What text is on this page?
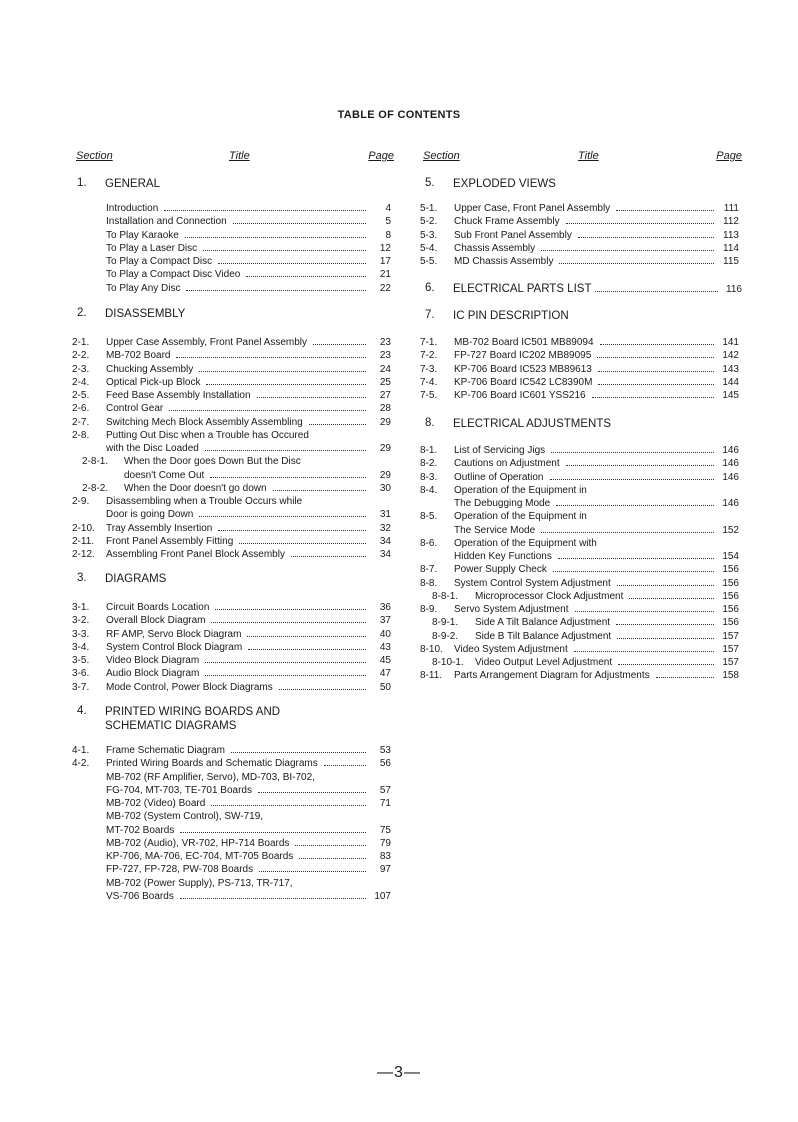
TABLE OF CONTENTS
Section	Title	Page
1. GENERAL
Introduction	4
Installation and Connection	5
To Play Karaoke	8
To Play a Laser Disc	12
To Play a Compact Disc	17
To Play a Compact Disc Video	21
To Play Any Disc	22
2. DISASSEMBLY
2-1. Upper Case Assembly, Front Panel Assembly	23
2-2. MB-702 Board	23
2-3. Chucking Assembly	24
2-4. Optical Pick-up Block	25
2-5. Feed Base Assembly Installation	27
2-6. Control Gear	28
2-7. Switching Mech Block Assembly Assembling	29
2-8. Putting Out Disc when a Trouble has Occured
with the Disc Loaded	29
2-8-1. When the Door goes Down But the Disc
doesn't Come Out	29
2-8-2. When the Door doesn't go down	30
2-9. Disassembling when a Trouble Occurs while
Door is going Down	31
2-10. Tray Assembly Insertion	32
2-11. Front Panel Assembly Fitting	34
2-12. Assembling Front Panel Block Assembly	34
3. DIAGRAMS
3-1. Circuit Boards Location	36
3-2. Overall Block Diagram	37
3-3. RF AMP, Servo Block Diagram	40
3-4. System Control Block Diagram	43
3-5. Video Block Diagram	45
3-6. Audio Block Diagram	47
3-7. Mode Control, Power Block Diagrams	50
4. PRINTED WIRING BOARDS AND
SCHEMATIC DIAGRAMS
4-1. Frame Schematic Diagram	53
4-2. Printed Wiring Boards and Schematic Diagrams	56
MB-702 (RF Amplifier, Servo), MD-703, BI-702,
FG-704, MT-703, TE-701 Boards	57
MB-702 (Video) Board	71
MB-702 (System Control), SW-719,
MT-702 Boards	75
MB-702 (Audio), VR-702, HP-714 Boards	79
KP-706, MA-706, EC-704, MT-705 Boards	83
FP-727, FP-728, PW-708 Boards	97
MB-702 (Power Supply), PS-713, TR-717,
VS-706 Boards	107
Section	Title	Page
5. EXPLODED VIEWS
5-1. Upper Case, Front Panel Assembly	111
5-2. Chuck Frame Assembly	112
5-3. Sub Front Panel Assembly	113
5-4. Chassis Assembly	114
5-5. MD Chassis Assembly	115
6. ELECTRICAL PARTS LIST	116
7. IC PIN DESCRIPTION
7-1. MB-702 Board IC501 MB89094	141
7-2. FP-727 Board IC202 MB89095	142
7-3. KP-706 Board IC523 MB89613	143
7-4. KP-706 Board IC542 LC8390M	144
7-5. KP-706 Board IC601 YSS216	145
8. ELECTRICAL ADJUSTMENTS
8-1. List of Servicing Jigs	146
8-2. Cautions on Adjustment	146
8-3. Outline of Operation	146
8-4. Operation of the Equipment in
The Debugging Mode	146
8-5. Operation of the Equipment in
The Service Mode	152
8-6. Operation of the Equipment with
Hidden Key Functions	154
8-7. Power Supply Check	156
8-8. System Control System Adjustment	156
8-8-1. Microprocessor Clock Adjustment	156
8-9. Servo System Adjustment	156
8-9-1. Side A Tilt Balance Adjustment	156
8-9-2. Side B Tilt Balance Adjustment	157
8-10. Video System Adjustment	157
8-10-1. Video Output Level Adjustment	157
8-11. Parts Arrangement Diagram for Adjustments	158
—3—
